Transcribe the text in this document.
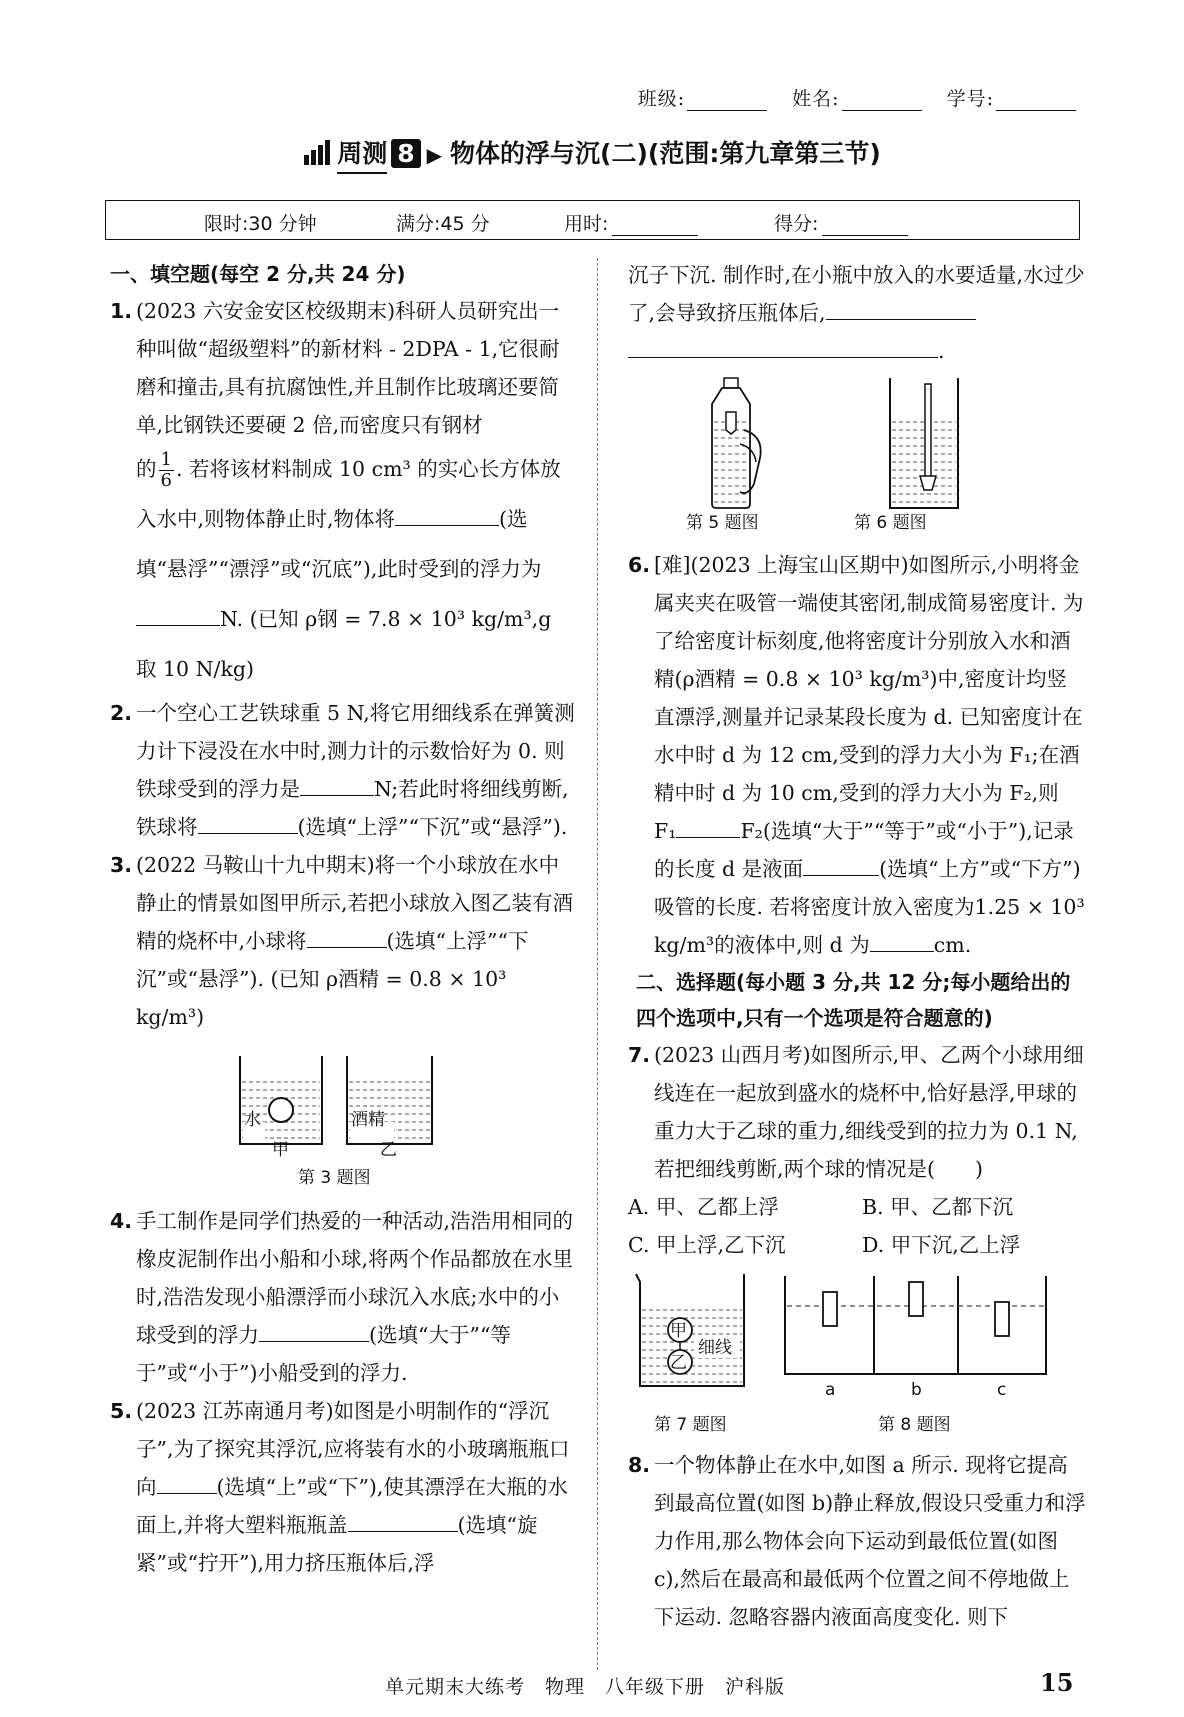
班级:	姓名:	学号:
周测 8 ▶ 物体的浮与沉(二)(范围:第九章第三节)
限时:30 分钟	满分:45 分	用时:	得分:
一、填空题(每空 2 分,共 24 分)
1. (2023 六安金安区校级期末)科研人员研究出一种叫做“超级塑料”的新材料 - 2DPA - 1,它很耐磨和撞击,具有抗腐蚀性,并且制作比玻璃还要简单,比钢铁还要硬 2 倍,而密度只有钢材
的 $\frac{1}{6}$ . 若将该材料制成 10 cm³ 的实心长方体放入水中,则物体静止时,物体将	(选填“悬浮”“漂浮”或“沉底”),此时受到的浮力为N. (已知 ρ钢 = 7.8 × 10³ kg/m³,g 取 10 N/kg)
2. 一个空心工艺铁球重 5 N,将它用细线系在弹簧测力计下浸没在水中时,测力计的示数恰好为 0. 则铁球受到的浮力是	N;若此时将细线剪断,铁球将	(选填“上浮”“下沉”或“悬浮”).
3. (2022 马鞍山十九中期末)将一个小球放在水中静止的情景如图甲所示,若把小球放入图乙装有酒精的烧杯中,小球将	(选填“上浮”“下沉”或“悬浮”). (已知 ρ酒精 = 0.8 × 10³ kg/m³)
水	酒精
甲	乙
第 3 题图
4. 手工制作是同学们热爱的一种活动,浩浩用相同的橡皮泥制作出小船和小球,将两个作品都放在水里时,浩浩发现小船漂浮而小球沉入水底;水中的小球受到的浮力	(选填“大于”“等于”或“小于”)小船受到的浮力.
5. (2023 江苏南通月考)如图是小明制作的“浮沉子”,为了探究其浮沉,应将装有水的小玻璃瓶瓶口向	(选填“上”或“下”),使其漂浮在大瓶的水面上,并将大塑料瓶瓶盖	(选填“旋紧”或“拧开”),用力挤压瓶体后,浮
沉子下沉. 制作时,在小瓶中放入的水要适量,水过少了,会导致挤压瓶体后,
.
第 5 题图	第 6 题图
6. [难](2023 上海宝山区期中)如图所示,小明将金属夹夹在吸管一端使其密闭,制成简易密度计. 为了给密度计标刻度,他将密度计分别放入水和酒精(ρ酒精 = 0.8 × 10³ kg/m³)中,密度计均竖直漂浮,测量并记录某段长度为 d. 已知密度计在水中时 d 为 12 cm,受到的浮力大小为 F₁;在酒精中时 d 为 10 cm,受到的浮力大小为 F₂,则 F₁	F₂(选填“大于”“等于”或“小于”),记录的长度 d 是液面	(选填“上方”或“下方”)吸管的长度. 若将密度计放入密度为1.25 × 10³ kg/m³的液体中,则 d 为	cm.
二、选择题(每小题 3 分,共 12 分;每小题给出的四个选项中,只有一个选项是符合题意的)
7. (2023 山西月考)如图所示,甲、乙两个小球用细线连在一起放到盛水的烧杯中,恰好悬浮,甲球的重力大于乙球的重力,细线受到的拉力为 0.1 N,若把细线剪断,两个球的情况是( )
A. 甲、乙都上浮	B. 甲、乙都下沉
C. 甲上浮,乙下沉	D. 甲下沉,乙上浮
甲
乙
细线
a	b	c
第 7 题图	第 8 题图
8. 一个物体静止在水中,如图 a 所示. 现将它提高到最高位置(如图 b)静止释放,假设只受重力和浮力作用,那么物体会向下运动到最低位置(如图 c),然后在最高和最低两个位置之间不停地做上下运动. 忽略容器内液面高度变化. 则下
单元期末大练考　物理　八年级下册　沪科版	15
